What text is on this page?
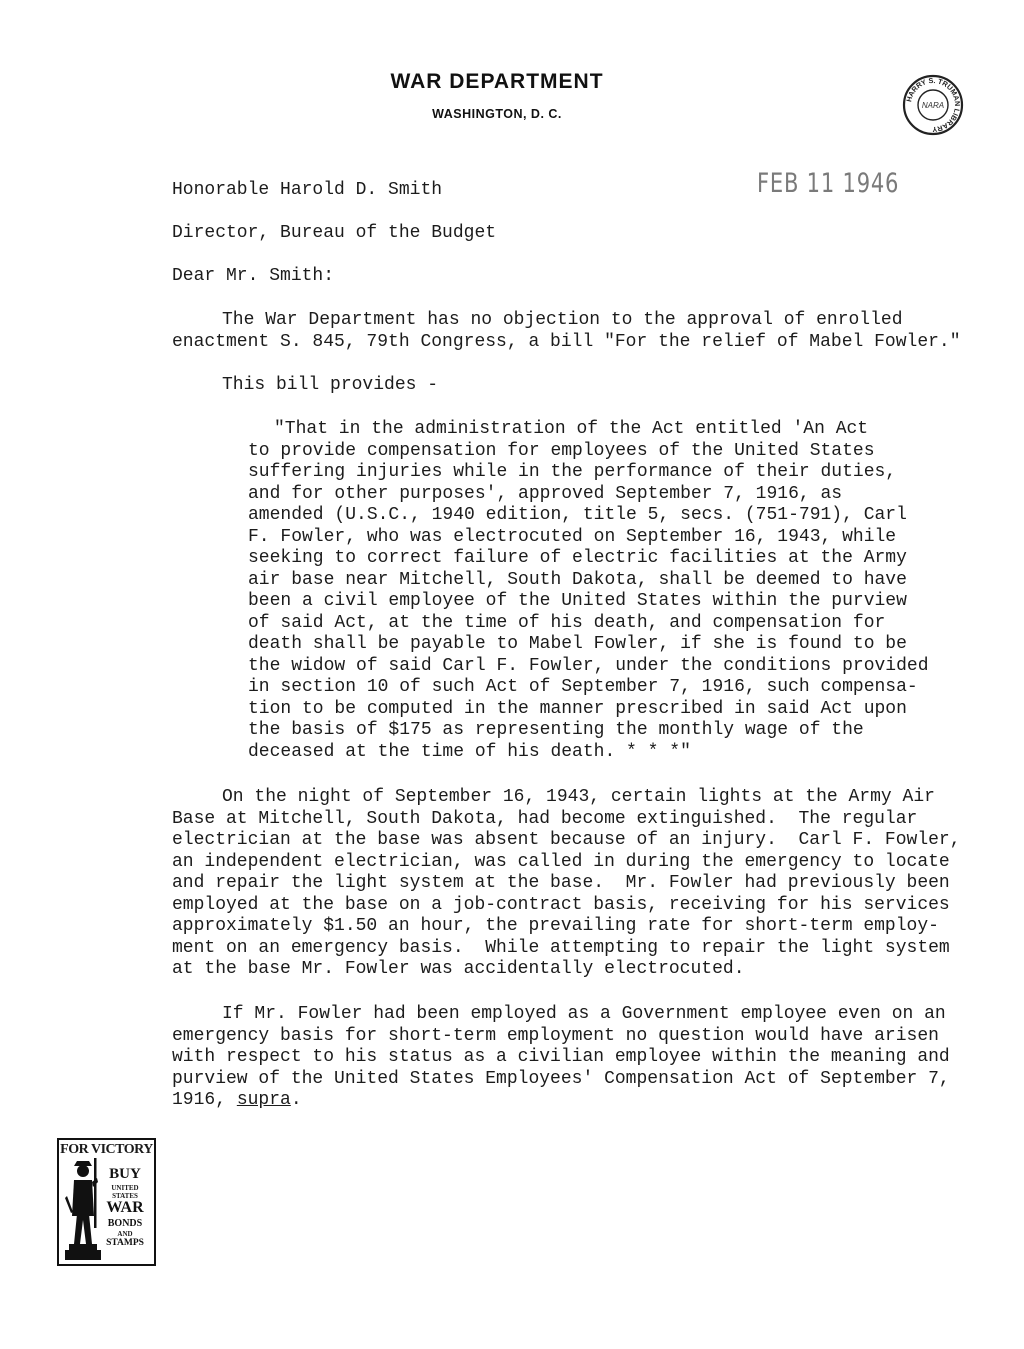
WAR DEPARTMENT
WASHINGTON, D. C.
HARRY S. TRUMAN LIBRARY
NARA
FEB 11 1946
Honorable Harold D. Smith
Director, Bureau of the Budget
Dear Mr. Smith:
The War Department has no objection to the approval of enrolled
enactment S. 845, 79th Congress, a bill "For the relief of Mabel Fowler."
This bill provides -
"That in the administration of the Act entitled 'An Act
to provide compensation for employees of the United States
suffering injuries while in the performance of their duties,
and for other purposes', approved September 7, 1916, as
amended (U.S.C., 1940 edition, title 5, secs. (751-791), Carl
F. Fowler, who was electrocuted on September 16, 1943, while
seeking to correct failure of electric facilities at the Army
air base near Mitchell, South Dakota, shall be deemed to have
been a civil employee of the United States within the purview
of said Act, at the time of his death, and compensation for
death shall be payable to Mabel Fowler, if she is found to be
the widow of said Carl F. Fowler, under the conditions provided
in section 10 of such Act of September 7, 1916, such compensa-
tion to be computed in the manner prescribed in said Act upon
the basis of $175 as representing the monthly wage of the
deceased at the time of his death. * * *"
On the night of September 16, 1943, certain lights at the Army Air
Base at Mitchell, South Dakota, had become extinguished.  The regular
electrician at the base was absent because of an injury.  Carl F. Fowler,
an independent electrician, was called in during the emergency to locate
and repair the light system at the base.  Mr. Fowler had previously been
employed at the base on a job-contract basis, receiving for his services
approximately $1.50 an hour, the prevailing rate for short-term employ-
ment on an emergency basis.  While attempting to repair the light system
at the base Mr. Fowler was accidentally electrocuted.
If Mr. Fowler had been employed as a Government employee even on an
emergency basis for short-term employment no question would have arisen
with respect to his status as a civilian employee within the meaning and
purview of the United States Employees' Compensation Act of September 7,
1916, supra.
FOR VICTORY
BUY
UNITED
STATES
WAR
BONDS
AND
STAMPS
